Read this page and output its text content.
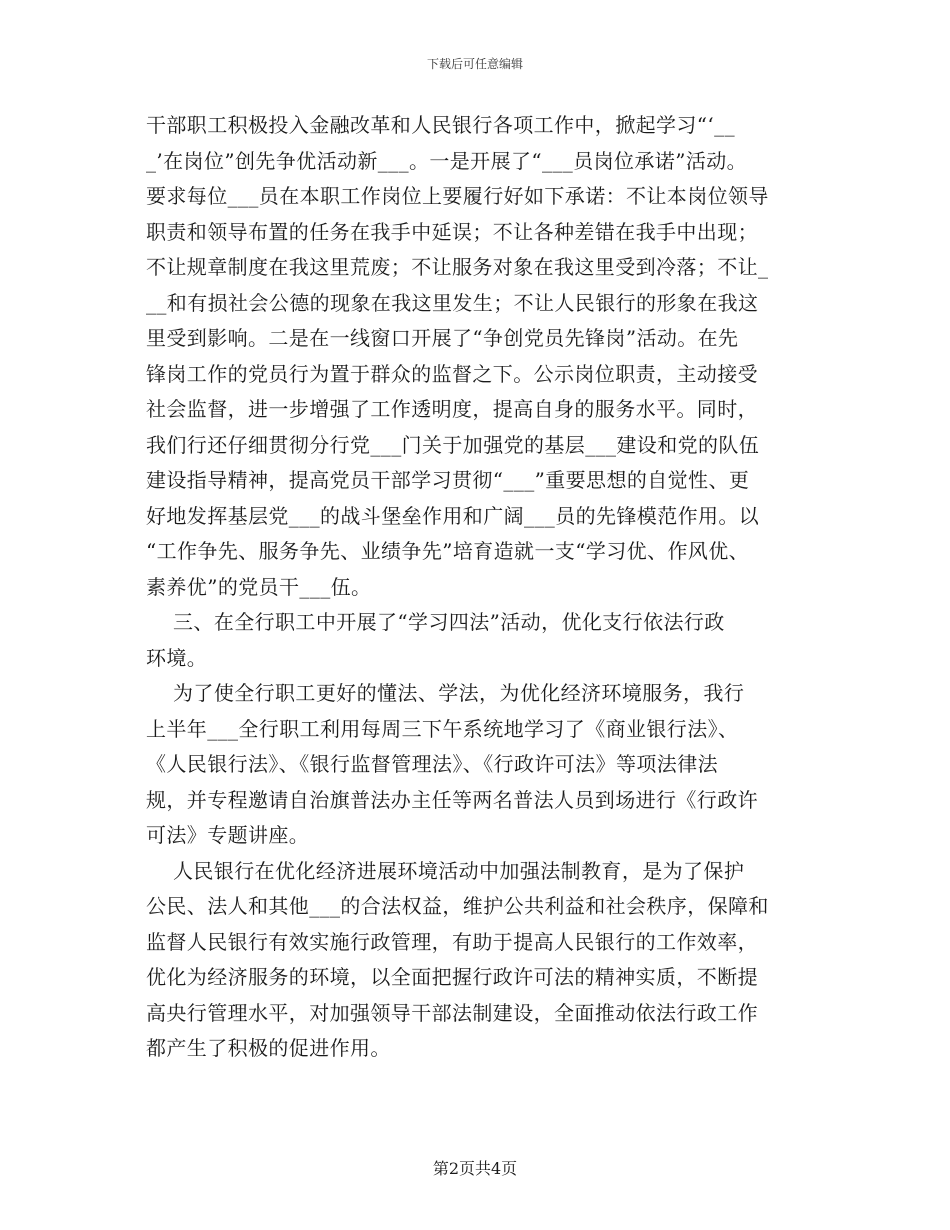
下载后可任意编辑
干部职工积极投入金融改革和人民银行各项工作中，掀起学习“‘__
_’在岗位”创先争优活动新___。一是开展了“___员岗位承诺”活动。
要求每位___员在本职工作岗位上要履行好如下承诺：不让本岗位领导
职责和领导布置的任务在我手中延误；不让各种差错在我手中出现；
不让规章制度在我这里荒废；不让服务对象在我这里受到冷落；不让_
__和有损社会公德的现象在我这里发生；不让人民银行的形象在我这
里受到影响。二是在一线窗口开展了“争创党员先锋岗”活动。在先
锋岗工作的党员行为置于群众的监督之下。公示岗位职责，主动接受
社会监督，进一步增强了工作透明度，提高自身的服务水平。同时，
我们行还仔细贯彻分行党___门关于加强党的基层___建设和党的队伍
建设指导精神，提高党员干部学习贯彻“___”重要思想的自觉性、更
好地发挥基层党___的战斗堡垒作用和广阔___员的先锋模范作用。以
“工作争先、服务争先、业绩争先”培育造就一支“学习优、作风优、
素养优”的党员干___伍。
三、在全行职工中开展了“学习四法”活动，优化支行依法行政
环境。
为了使全行职工更好的懂法、学法，为优化经济环境服务，我行
上半年___全行职工利用每周三下午系统地学习了《商业银行法》、
《人民银行法》、《银行监督管理法》、《行政许可法》等项法律法
规，并专程邀请自治旗普法办主任等两名普法人员到场进行《行政许
可法》专题讲座。
人民银行在优化经济进展环境活动中加强法制教育，是为了保护
公民、法人和其他___的合法权益，维护公共利益和社会秩序，保障和
监督人民银行有效实施行政管理，有助于提高人民银行的工作效率，
优化为经济服务的环境，以全面把握行政许可法的精神实质，不断提
高央行管理水平，对加强领导干部法制建设，全面推动依法行政工作
都产生了积极的促进作用。
第2页共4页
